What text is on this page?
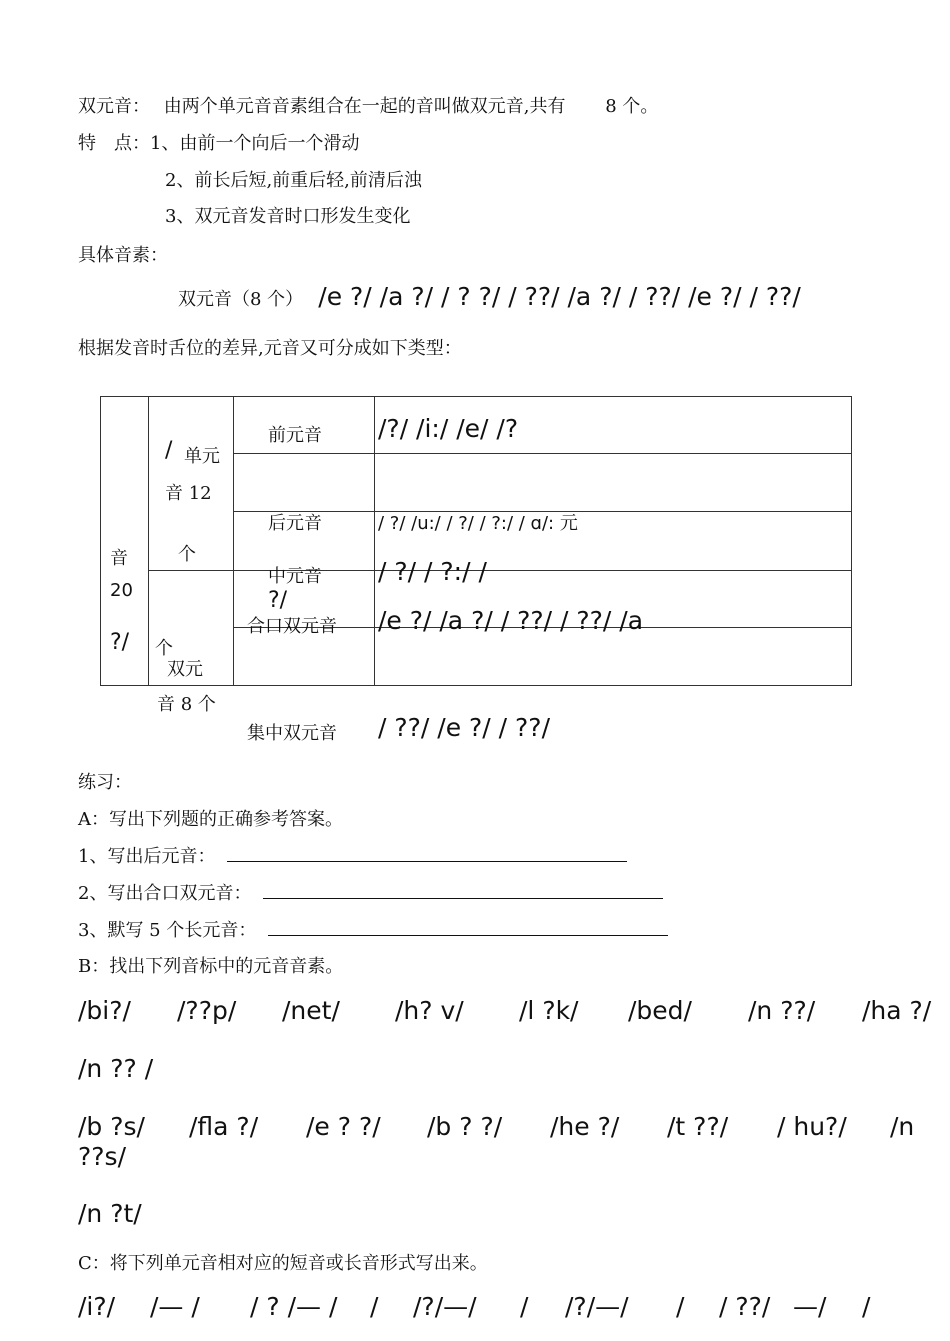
双元音： 由两个单元音音素组合在一起的音叫做双元音,共有 8 个。
特　点：1、由前一个向后一个滑动
2、前长后短,前重后轻,前清后浊
3、双元音发音时口形发生变化
具体音素：
双元音（8 个） /e ?/ /a ?/ / ? ?/ / ??/ /a ?/ / ??/ /e ?/ / ??/
根据发音时舌位的差异,元音又可分成如下类型：
音
20
?/ 个
/ 单元
音 12
个
双元
音 8 个
前元音
后元音
中元音
?/
合口双元音
/?/ /i:/ /e/ /?
/ ?/ /u:/ / ?/ / ?:/ / ɑ/: 元
/ ?/ / ?:/ /
/e ?/ /a ?/ / ??/ / ??/ /a
集中双元音 / ??/ /e ?/ / ??/
练习：
A：写出下列题的正确参考答案。
1、写出后元音：
2、写出合口双元音：
3、默写 5 个长元音：
B：找出下列音标中的元音音素。
/bi?/ /??p/ /net/ /h? v/ /l ?k/ /bed/ /n ??/ /ha ?/
/n ?? /
/b ?s/ /fla ?/ /e ? ?/ /b ? ?/ /he ?/ /t ??/ / hu?/ /n
??s/
/n ?t/
C：将下列单元音相对应的短音或长音形式写出来。
/i?/ /— / / ? /— / / /?/—/ / /?/—/ / / ??/ —/ /
